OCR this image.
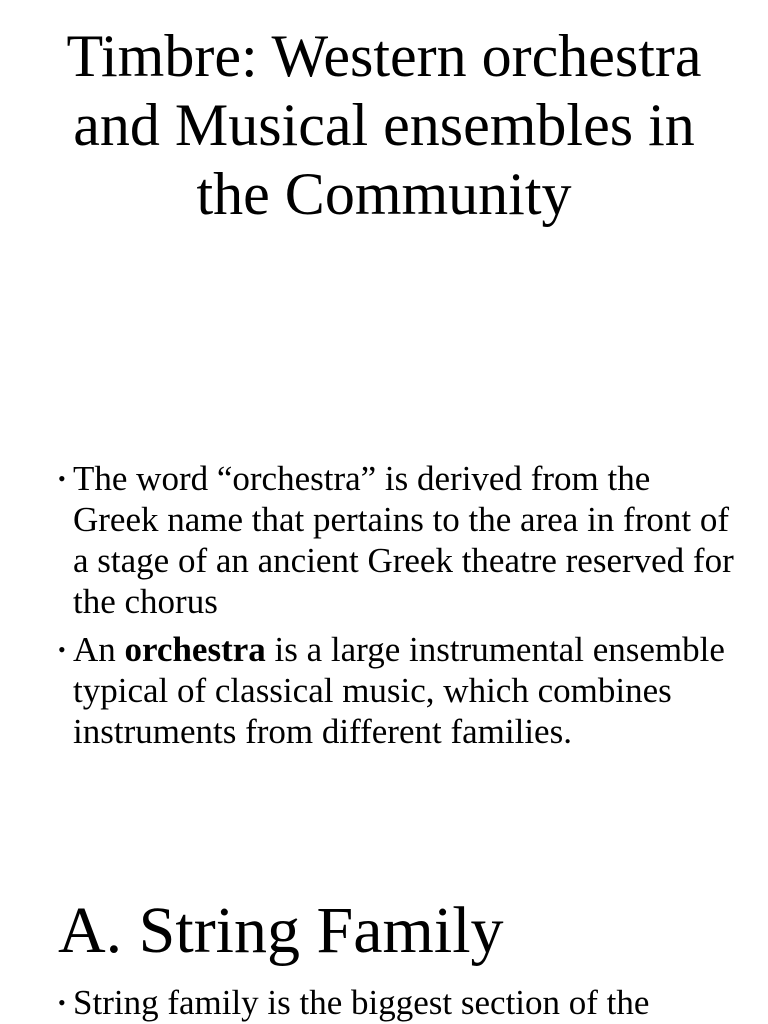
Timbre: Western orchestra and Musical ensembles in the Community
• The word “orchestra” is derived from the Greek name that pertains to the area in front of a stage of an ancient Greek theatre reserved for the chorus
• An orchestra is a large instrumental ensemble typical of classical music, which combines instruments from different families.
A. String Family
• String family is the biggest section of the
